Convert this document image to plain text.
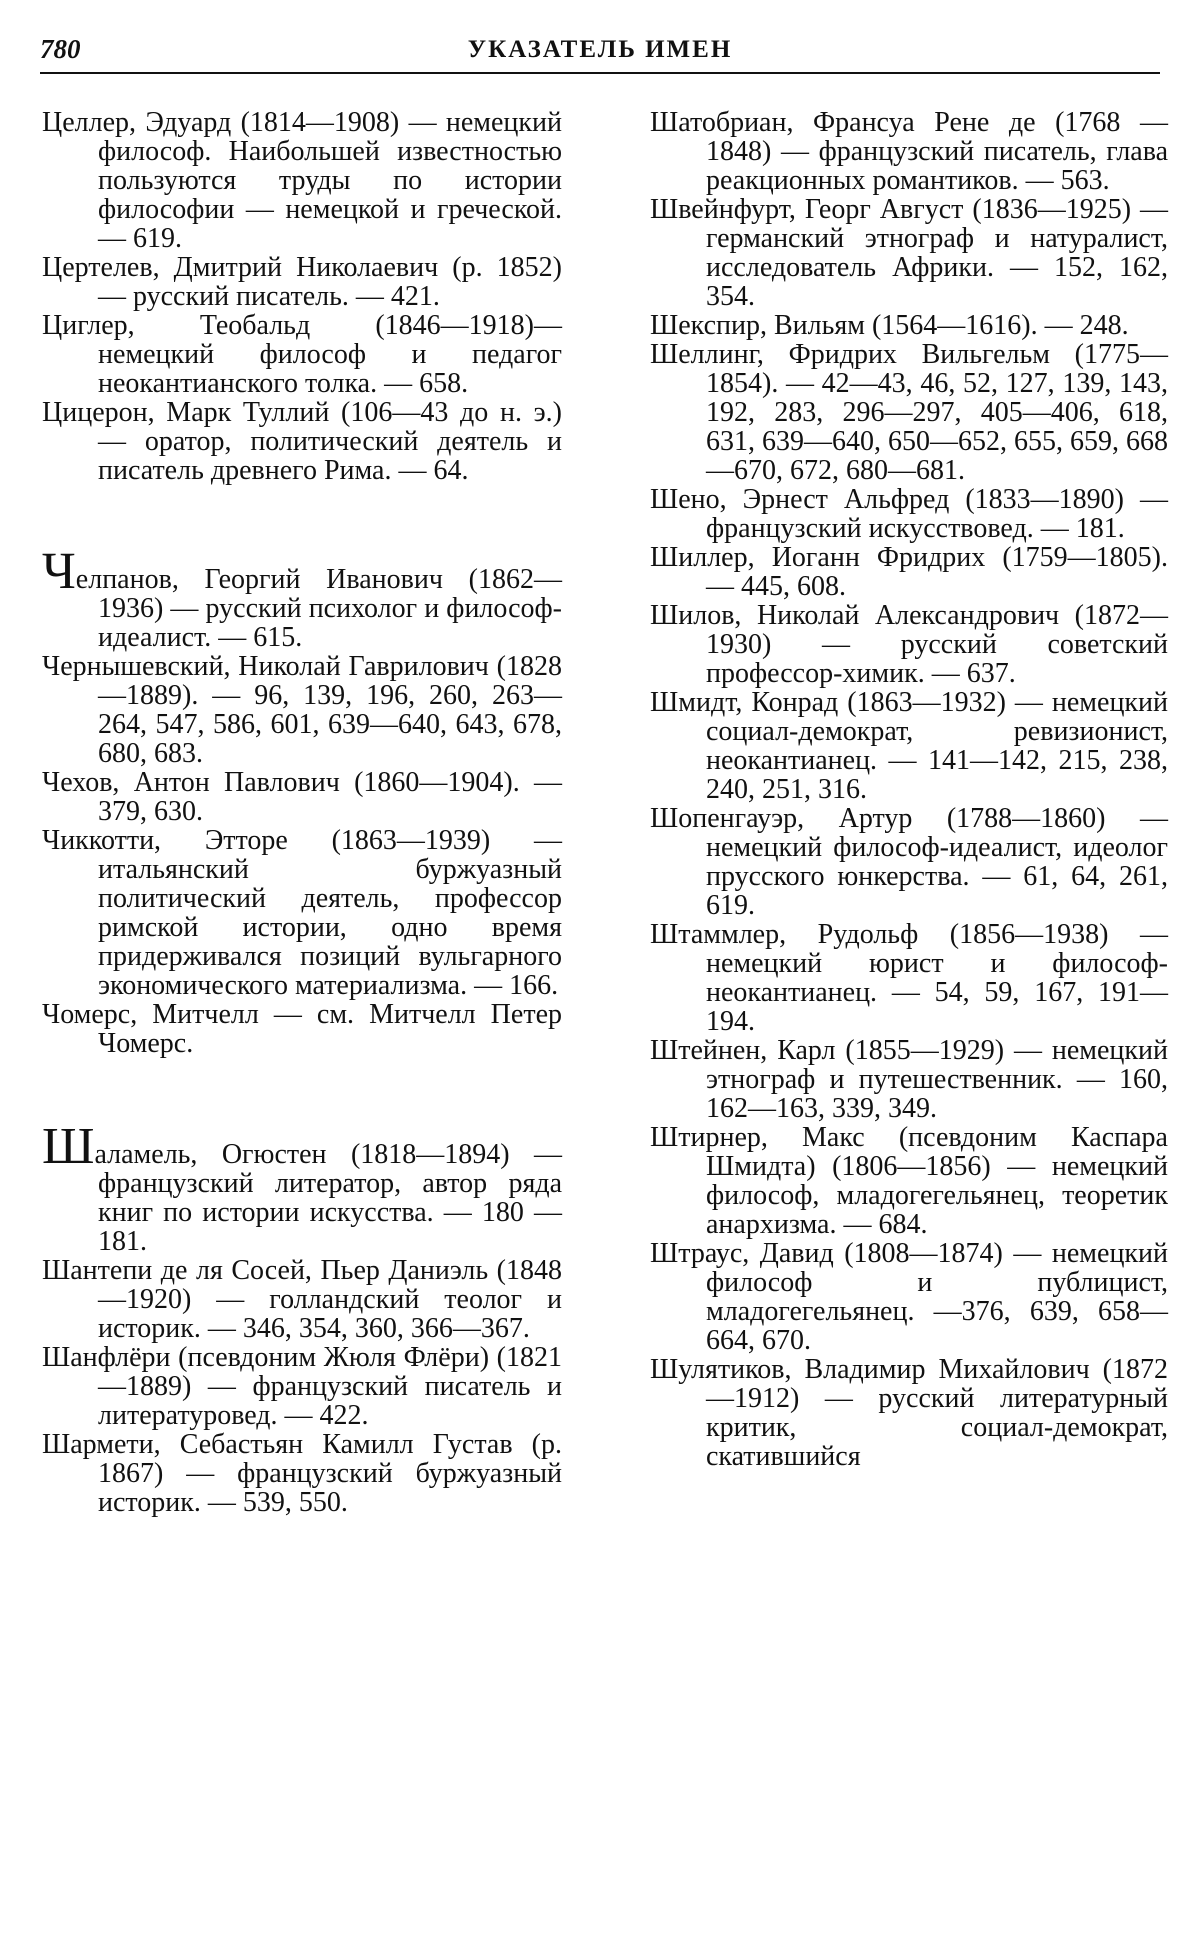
780	УКАЗАТЕЛЬ ИМЕН

Целлер, Эдуард (1814—1908) — немецкий философ. Наибольшей известностью пользуются труды по истории философии — немецкой и греческой. — 619.

Цертелев, Дмитрий Николаевич (р. 1852) — русский писатель. — 421.

Циглер, Теобальд (1846—1918)— немецкий философ и педагог неокантианского толка. — 658.

Цицерон, Марк Туллий (106—43 до н. э.) — оратор, политический деятель и писатель древнего Рима. — 64.

Челпанов, Георгий Иванович (1862—1936) — русский психолог и философ-идеалист. — 615.

Чернышевский, Николай Гаврилович (1828—1889). — 96, 139, 196, 260, 263—264, 547, 586, 601, 639—640, 643, 678, 680, 683.

Чехов, Антон Павлович (1860—1904). — 379, 630.

Чиккотти, Этторе (1863—1939) — итальянский буржуазный политический деятель, профессор римской истории, одно время придерживался позиций вульгарного экономического материализма. — 166.

Чомерс, Митчелл — см. Митчелл Петер Чомерс.

Шаламель, Огюстен (1818—1894) — французский литератор, автор ряда книг по истории искусства. — 180 — 181.

Шантепи де ля Сосей, Пьер Даниэль (1848—1920) — голландский теолог и историк. — 346, 354, 360, 366—367.

Шанфлёри (псевдоним Жюля Флёри) (1821—1889) — французский писатель и литературовед. — 422.

Шармети, Себастьян Камилл Густав (р. 1867) — французский буржуазный историк. — 539, 550.

Шатобриан, Франсуа Рене де (1768 — 1848) — французский писатель, глава реакционных романтиков. — 563.

Швейнфурт, Георг Август (1836—1925) — германский этнограф и натуралист, исследователь Африки. — 152, 162, 354.

Шекспир, Вильям (1564—1616). — 248.

Шеллинг, Фридрих Вильгельм (1775—1854). — 42—43, 46, 52, 127, 139, 143, 192, 283, 296—297, 405—406, 618, 631, 639—640, 650—652, 655, 659, 668—670, 672, 680—681.

Шено, Эрнест Альфред (1833—1890) — французский искусствовед. — 181.

Шиллер, Иоганн Фридрих (1759—1805). — 445, 608.

Шилов, Николай Александрович (1872—1930) — русский советский профессор-химик. — 637.

Шмидт, Конрад (1863—1932) — немецкий социал-демократ, ревизионист, неокантианец. — 141—142, 215, 238, 240, 251, 316.

Шопенгауэр, Артур (1788—1860) — немецкий философ-идеалист, идеолог прусского юнкерства. — 61, 64, 261, 619.

Штаммлер, Рудольф (1856—1938) — немецкий юрист и философ-неокантианец. — 54, 59, 167, 191—194.

Штейнен, Карл (1855—1929) — немецкий этнограф и путешественник. — 160, 162—163, 339, 349.

Штирнер, Макс (псевдоним Каспара Шмидта) (1806—1856) — немецкий философ, младогегельянец, теоретик анархизма. — 684.

Штраус, Давид (1808—1874) — немецкий философ и публицист, младогегельянец. —376, 639, 658—664, 670.

Шулятиков, Владимир Михайлович (1872—1912) — русский литературный критик, социал-демократ, скатившийся
